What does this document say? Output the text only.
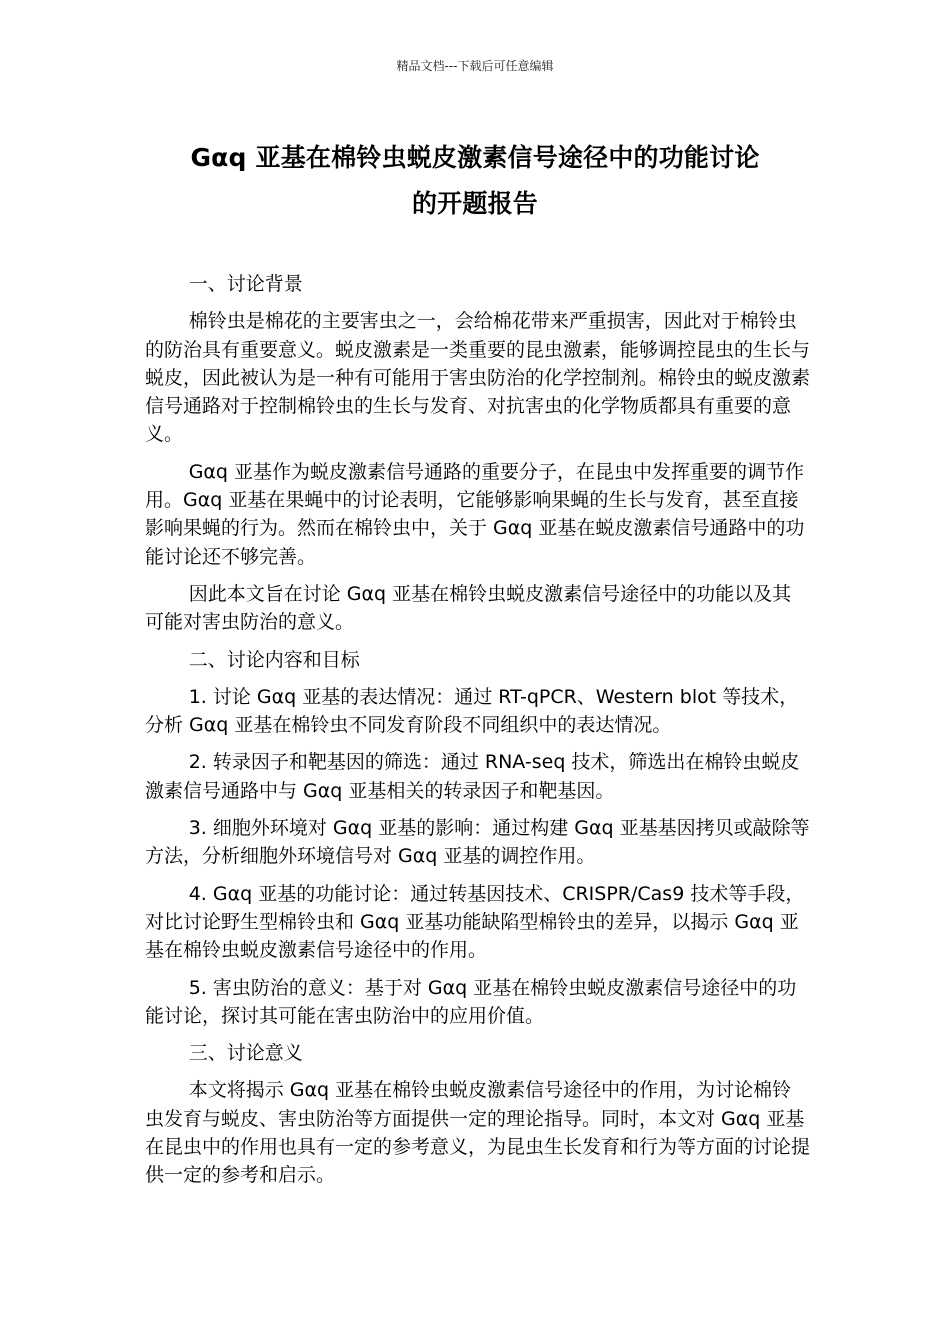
精品文档---下载后可任意编辑
Gαq 亚基在棉铃虫蜕皮激素信号途径中的功能讨论
的开题报告

一、讨论背景

棉铃虫是棉花的主要害虫之一，会给棉花带来严重损害，因此对于棉铃虫的防治具有重要意义。蜕皮激素是一类重要的昆虫激素，能够调控昆虫的生长与蜕皮，因此被认为是一种有可能用于害虫防治的化学控制剂。棉铃虫的蜕皮激素信号通路对于控制棉铃虫的生长与发育、对抗害虫的化学物质都具有重要的意义。

Gαq 亚基作为蜕皮激素信号通路的重要分子，在昆虫中发挥重要的调节作用。Gαq 亚基在果蝇中的讨论表明，它能够影响果蝇的生长与发育，甚至直接影响果蝇的行为。然而在棉铃虫中，关于 Gαq 亚基在蜕皮激素信号通路中的功能讨论还不够完善。

因此本文旨在讨论 Gαq 亚基在棉铃虫蜕皮激素信号途径中的功能以及其可能对害虫防治的意义。

二、讨论内容和目标

1. 讨论 Gαq 亚基的表达情况：通过 RT-qPCR、Western blot 等技术，分析 Gαq 亚基在棉铃虫不同发育阶段不同组织中的表达情况。

2. 转录因子和靶基因的筛选：通过 RNA-seq 技术，筛选出在棉铃虫蜕皮激素信号通路中与 Gαq 亚基相关的转录因子和靶基因。

3. 细胞外环境对 Gαq 亚基的影响：通过构建 Gαq 亚基基因拷贝或敲除等方法，分析细胞外环境信号对 Gαq 亚基的调控作用。

4. Gαq 亚基的功能讨论：通过转基因技术、CRISPR/Cas9 技术等手段，对比讨论野生型棉铃虫和 Gαq 亚基功能缺陷型棉铃虫的差异，以揭示 Gαq 亚基在棉铃虫蜕皮激素信号途径中的作用。

5. 害虫防治的意义：基于对 Gαq 亚基在棉铃虫蜕皮激素信号途径中的功能讨论，探讨其可能在害虫防治中的应用价值。

三、讨论意义

本文将揭示 Gαq 亚基在棉铃虫蜕皮激素信号途径中的作用，为讨论棉铃虫发育与蜕皮、害虫防治等方面提供一定的理论指导。同时，本文对 Gαq 亚基在昆虫中的作用也具有一定的参考意义，为昆虫生长发育和行为等方面的讨论提供一定的参考和启示。
